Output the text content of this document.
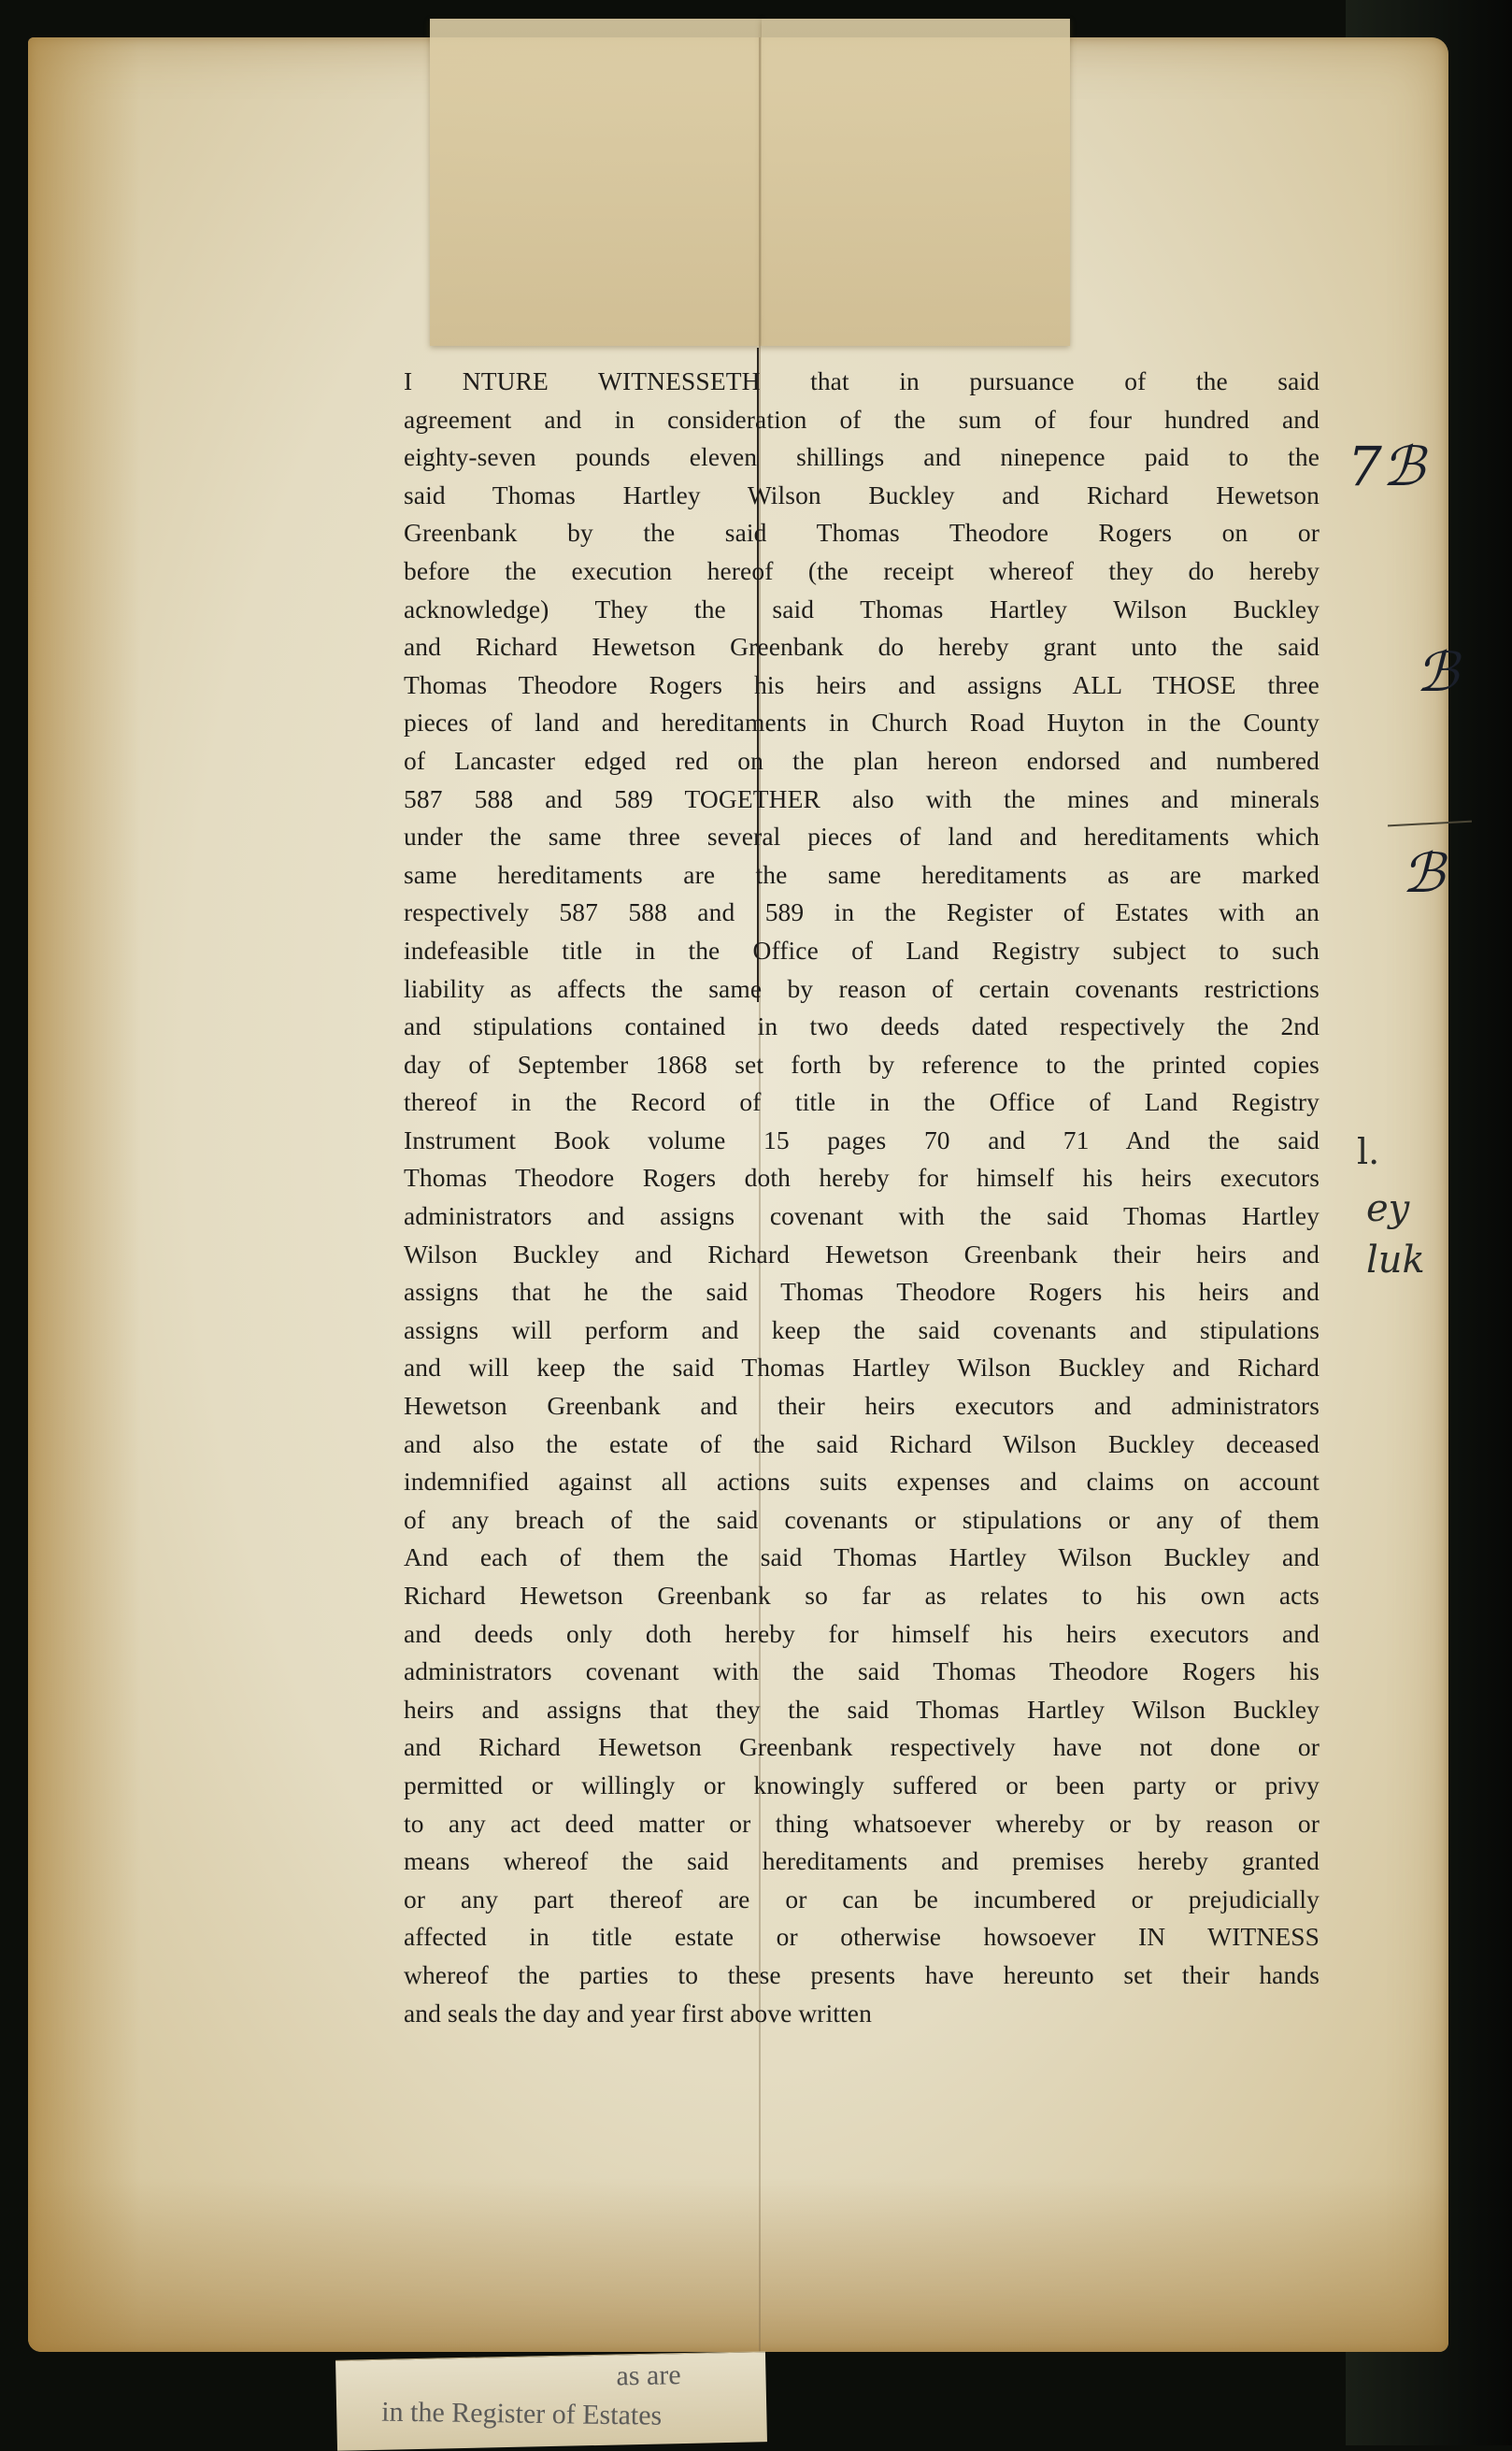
I NTURE WITNESSETH that in pursuance of the said
agreement and in consideration of the sum of four hundred and
eighty-seven pounds eleven shillings and ninepence paid to the
said Thomas Hartley Wilson Buckley and Richard Hewetson
Greenbank by the said Thomas Theodore Rogers on or
before the execution hereof (the receipt whereof they do hereby
acknowledge) They the said Thomas Hartley Wilson Buckley
and Richard Hewetson Greenbank do hereby grant unto the said
Thomas Theodore Rogers his heirs and assigns ALL THOSE three
pieces of land and hereditaments in Church Road Huyton in the County
of Lancaster edged red on the plan hereon endorsed and numbered
587 588 and 589 TOGETHER also with the mines and minerals
under the same three several pieces of land and hereditaments which
same hereditaments are the same hereditaments as are marked
respectively 587 588 and 589 in the Register of Estates with an
indefeasible title in the Office of Land Registry subject to such
liability as affects the same by reason of certain covenants restrictions
and stipulations contained in two deeds dated respectively the 2nd
day of September 1868 set forth by reference to the printed copies
thereof in the Record of title in the Office of Land Registry
Instrument Book volume 15 pages 70 and 71 And the said
Thomas Theodore Rogers doth hereby for himself his heirs executors
administrators and assigns covenant with the said Thomas Hartley
Wilson Buckley and Richard Hewetson Greenbank their heirs and
assigns that he the said Thomas Theodore Rogers his heirs and
assigns will perform and keep the said covenants and stipulations
and will keep the said Thomas Hartley Wilson Buckley and Richard
Hewetson Greenbank and their heirs executors and administrators
and also the estate of the said Richard Wilson Buckley deceased
indemnified against all actions suits expenses and claims on account
of any breach of the said covenants or stipulations or any of them
And each of them the said Thomas Hartley Wilson Buckley and
Richard Hewetson Greenbank so far as relates to his own acts
and deeds only doth hereby for himself his heirs executors and
administrators covenant with the said Thomas Theodore Rogers his
heirs and assigns that they the said Thomas Hartley Wilson Buckley
and Richard Hewetson Greenbank respectively have not done or
permitted or willingly or knowingly suffered or been party or privy
to any act deed matter or thing whatsoever whereby or by reason or
means whereof the said hereditaments and premises hereby granted
or any part thereof are or can be incumbered or prejudicially
affected in title estate or otherwise howsoever IN WITNESS
whereof the parties to these presents have hereunto set their hands
and seals the day and year first above written
7ℬ
ℬ
ℬ
l.
ey
luk
in the Register of Estates
as are
